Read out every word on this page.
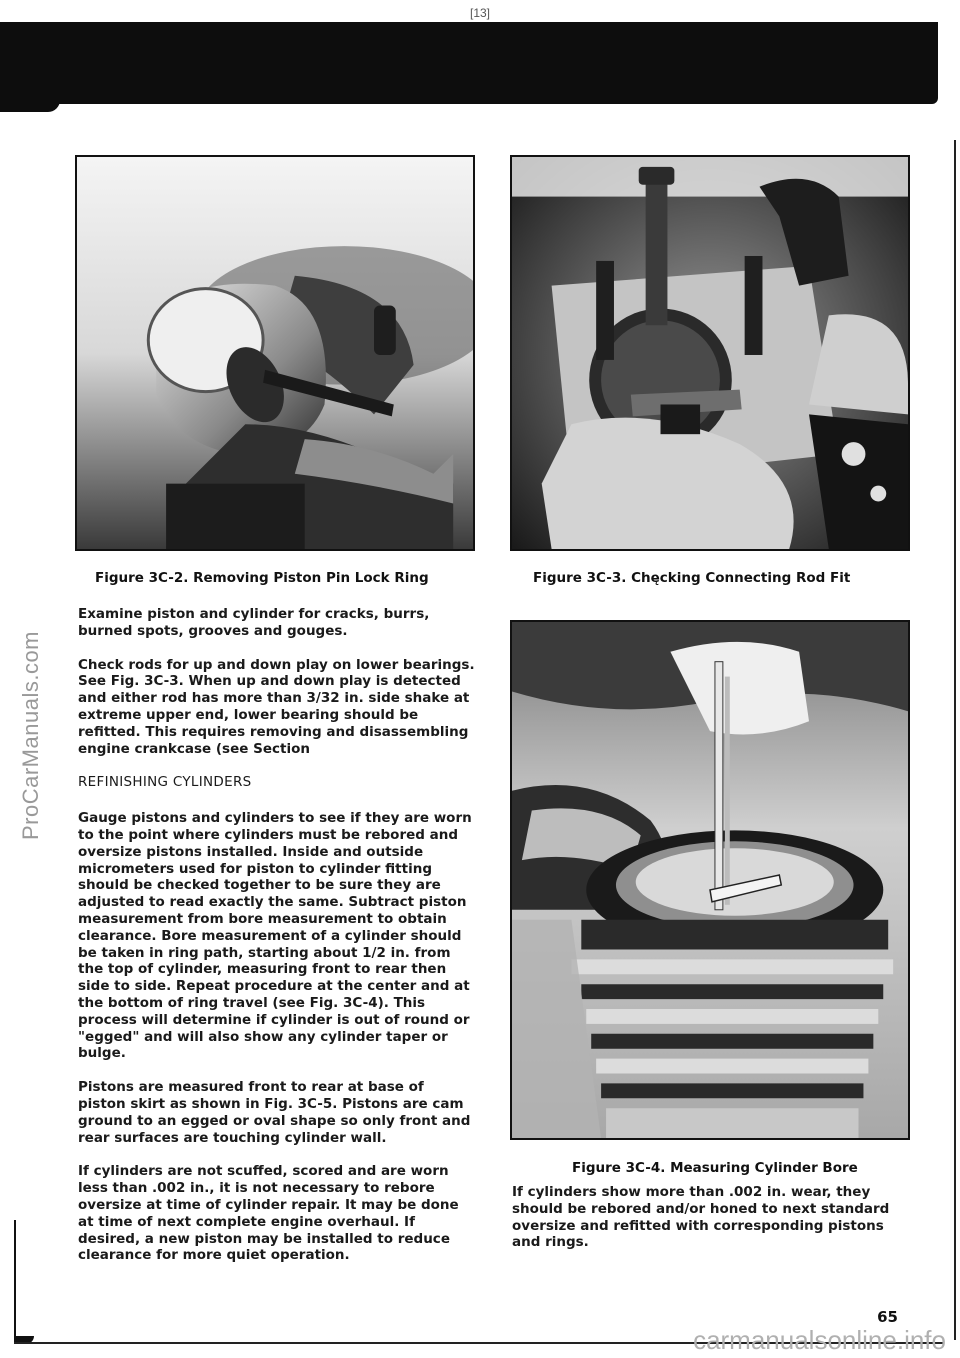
[13]
ProCarManuals.com
Figure 3C-2. Removing Piston Pin Lock Ring	Figure 3C-3. Chęcking Connecting Rod Fit
Figure 3C-4. Measuring Cylinder Bore

Examine piston and cylinder for cracks, burrs, burned spots, grooves and gouges.

Check rods for up and down play on lower bearings. See Fig. 3C-3. When up and down play is detected and either rod has more than 3/32 in. side shake at extreme upper end, lower bearing should be refitted. This requires removing and disassembling engine crankcase (see Section

REFINISHING CYLINDERS

Gauge pistons and cylinders to see if they are worn to the point where cylinders must be rebored and oversize pistons installed. Inside and outside micrometers used for piston to cylinder fitting should be checked together to be sure they are adjusted to read exactly the same. Subtract piston measurement from bore measurement to obtain clearance. Bore measurement of a cylinder should be taken in ring path, starting about 1/2 in. from the top of cylinder, measuring front to rear then side to side. Repeat procedure at the center and at the bottom of ring travel (see Fig. 3C-4). This process will determine if cylinder is out of round or "egged" and will also show any cylinder taper or bulge.

Pistons are measured front to rear at base of piston skirt as shown in Fig. 3C-5. Pistons are cam ground to an egged or oval shape so only front and rear surfaces are touching cylinder wall.

If cylinders are not scuffed, scored and are worn less than .002 in., it is not necessary to rebore oversize at time of cylinder repair. It may be done at time of next complete engine overhaul. If desired, a new piston may be installed to reduce clearance for more quiet operation.

If cylinders show more than .002 in. wear, they should be rebored and/or honed to next standard oversize and refitted with corresponding pistons and rings.

65
carmanualsonline.info
